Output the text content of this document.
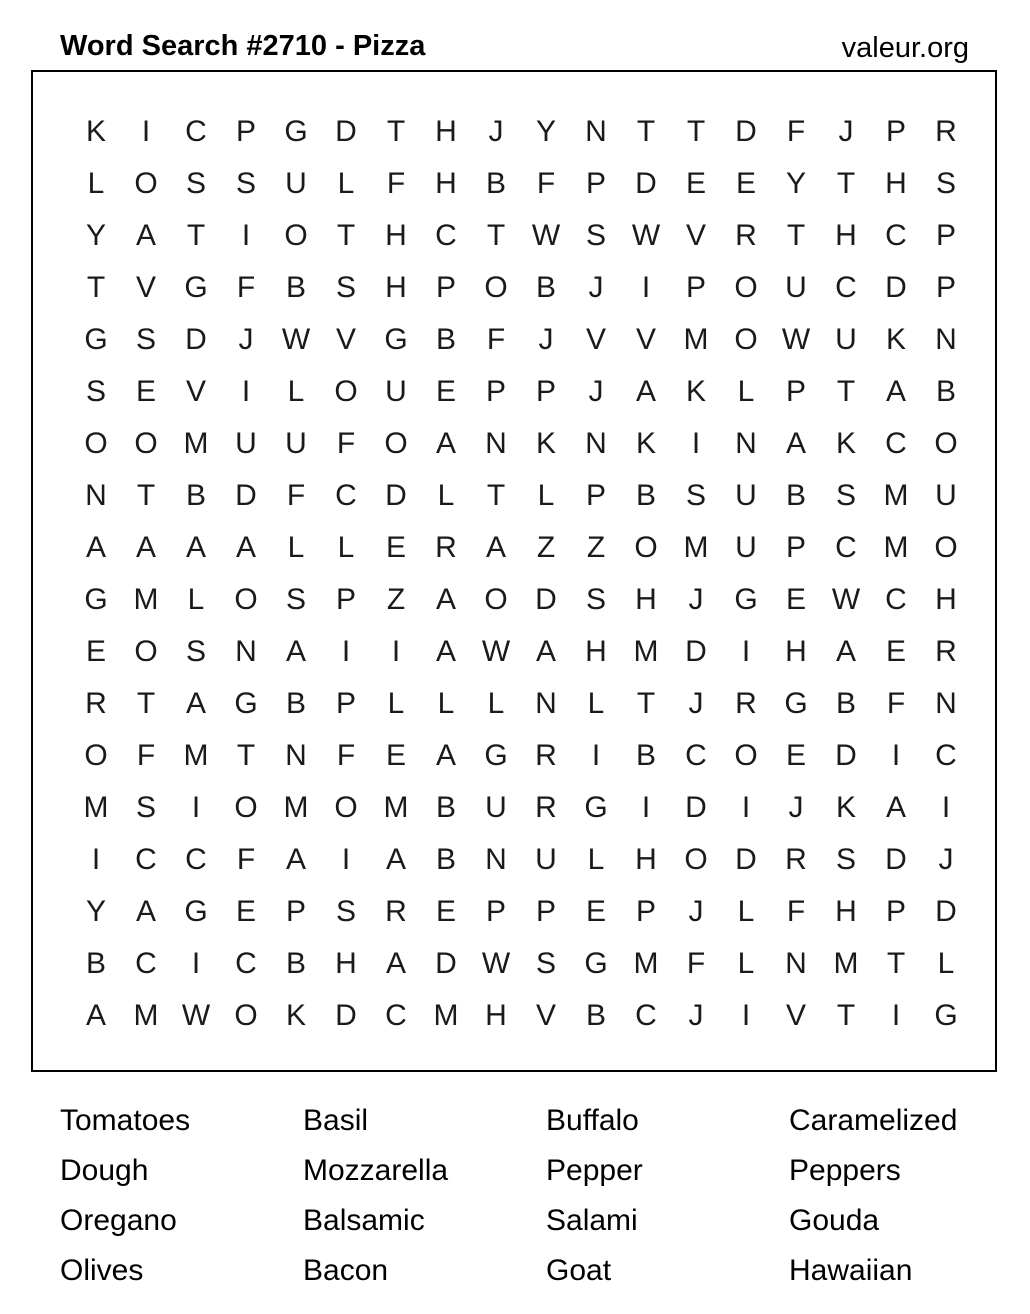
Word Search #2710 - Pizza	valeur.org
K	I	C P G D	T	H	J	Y N	T	T	D	F	J	P R
L O S S U	L	F	H B	F	P D E E Y	T	H S
Y A	T	I	O T	H C	T W S W V R	T	H C P
T	V G F	B S H P O B	J	I	P O U C D P
G S D	J W V G B	F	J	V V M O W U K N
S E V	I	L O U E P P	J	A K	L	P	T	A B
O O M U U	F O A N K N K	I	N A K C O
N	T	B D	F	C D	L	T	L	P B S U B S M U
A A A A	L	L	E R A	Z	Z O M U P C M O
G M L O S P	Z	A O D S H	J	G E W C H
E O S N A	I	I	A W A H M D	I	H A E R
R	T	A G B P	L	L	L	N	L	T	J	R G B	F	N
O F M T	N	F	E A G R	I	B C O E D	I	C
M S	I	O M O M B U R G	I	D	I	J	K A	I
I	C C	F	A	I	A B N U	L	H O D R S D	J
Y A G E P S R E P P E P	J	L	F	H P D
B C	I	C B H A D W S G M F	L	N M T	L
A M W O K D C M H V B C	J	I	V	T	I	G
Tomatoes	Basil	Buffalo	Caramelized
Dough	Mozzarella	Pepper	Peppers
Oregano	Balsamic	Salami	Gouda
Olives	Bacon	Goat	Hawaiian
